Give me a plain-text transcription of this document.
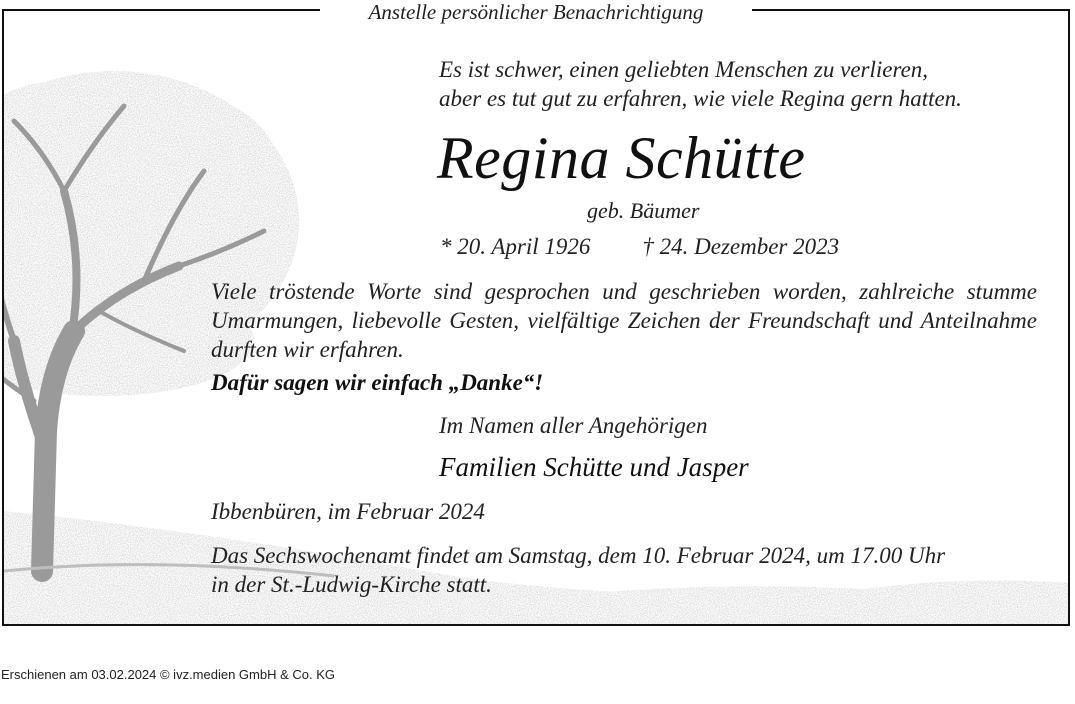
Es ist schwer, einen geliebten Menschen zu verlieren,
aber es tut gut zu erfahren, wie viele Regina gern hatten.
Regina Schütte
geb. Bäumer
* 20. April 1926 † 24. Dezember 2023
Viele tröstende Worte sind gesprochen und geschrieben worden, zahlreiche stumme Umarmungen, liebevolle Gesten, vielfältige Zeichen der Freundschaft und Anteilnahme durften wir erfahren.
Dafür sagen wir einfach „Danke“!
Im Namen aller Angehörigen
Familien Schütte und Jasper
Ibbenbüren, im Februar 2024
Das Sechswochenamt findet am Samstag, dem 10. Februar 2024, um 17.00 Uhr
in der St.-Ludwig-Kirche statt.
Anstelle persönlicher Benachrichtigung
Erschienen am 03.02.2024 © ivz.medien GmbH & Co. KG
